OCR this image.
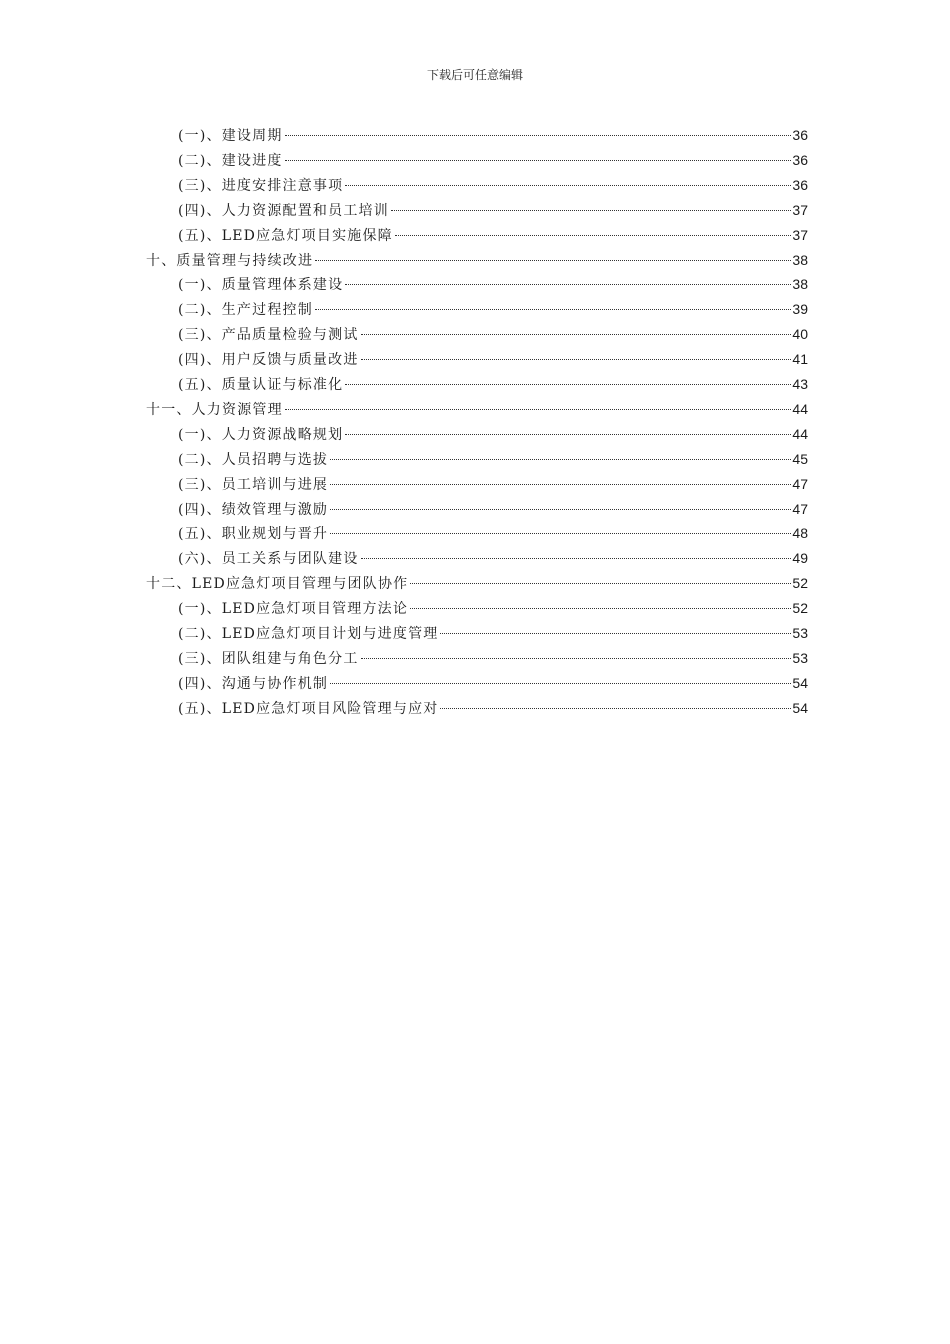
下载后可任意编辑
(一)、建设周期	36
(二)、建设进度	36
(三)、进度安排注意事项	36
(四)、人力资源配置和员工培训	37
(五)、LED应急灯项目实施保障	37
十、质量管理与持续改进	38
(一)、质量管理体系建设	38
(二)、生产过程控制	39
(三)、产品质量检验与测试	40
(四)、用户反馈与质量改进	41
(五)、质量认证与标准化	43
十一、人力资源管理	44
(一)、人力资源战略规划	44
(二)、人员招聘与选拔	45
(三)、员工培训与进展	47
(四)、绩效管理与激励	47
(五)、职业规划与晋升	48
(六)、员工关系与团队建设	49
十二、LED应急灯项目管理与团队协作	52
(一)、LED应急灯项目管理方法论	52
(二)、LED应急灯项目计划与进度管理	53
(三)、团队组建与角色分工	53
(四)、沟通与协作机制	54
(五)、LED应急灯项目风险管理与应对	54
